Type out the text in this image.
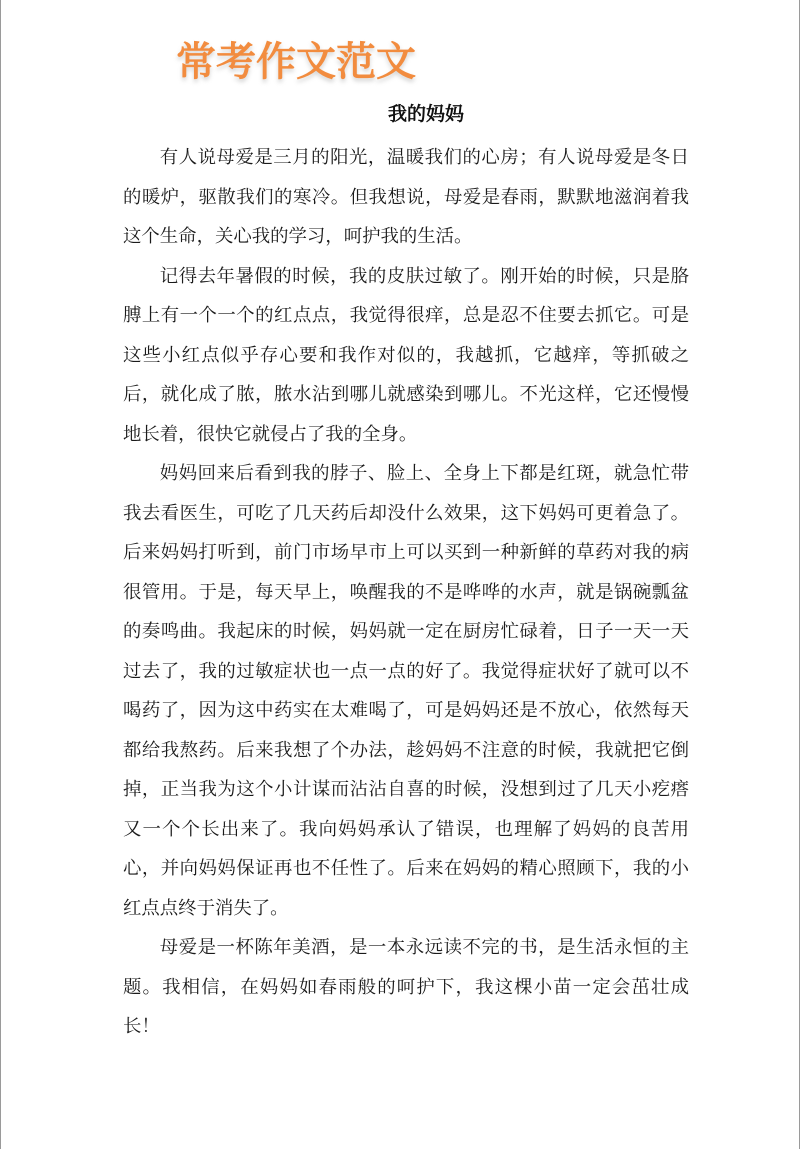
常考作文范文
我的妈妈

有人说母爱是三月的阳光，温暖我们的心房；有人说母爱是冬日的暖炉，驱散我们的寒冷。但我想说，母爱是春雨，默默地滋润着我这个生命，关心我的学习，呵护我的生活。

记得去年暑假的时候，我的皮肤过敏了。刚开始的时候，只是胳膊上有一个一个的红点点，我觉得很痒，总是忍不住要去抓它。可是这些小红点似乎存心要和我作对似的，我越抓，它越痒，等抓破之后，就化成了脓，脓水沾到哪儿就感染到哪儿。不光这样，它还慢慢地长着，很快它就侵占了我的全身。

妈妈回来后看到我的脖子、脸上、全身上下都是红斑，就急忙带我去看医生，可吃了几天药后却没什么效果，这下妈妈可更着急了。后来妈妈打听到，前门市场早市上可以买到一种新鲜的草药对我的病很管用。于是，每天早上，唤醒我的不是哗哗的水声，就是锅碗瓢盆的奏鸣曲。我起床的时候，妈妈就一定在厨房忙碌着，日子一天一天过去了，我的过敏症状也一点一点的好了。我觉得症状好了就可以不喝药了，因为这中药实在太难喝了，可是妈妈还是不放心，依然每天都给我熬药。后来我想了个办法，趁妈妈不注意的时候，我就把它倒掉，正当我为这个小计谋而沾沾自喜的时候，没想到过了几天小疙瘩又一个个长出来了。我向妈妈承认了错误，也理解了妈妈的良苦用心，并向妈妈保证再也不任性了。后来在妈妈的精心照顾下，我的小红点点终于消失了。

母爱是一杯陈年美酒，是一本永远读不完的书，是生活永恒的主题。我相信，在妈妈如春雨般的呵护下，我这棵小苗一定会茁壮成长！
